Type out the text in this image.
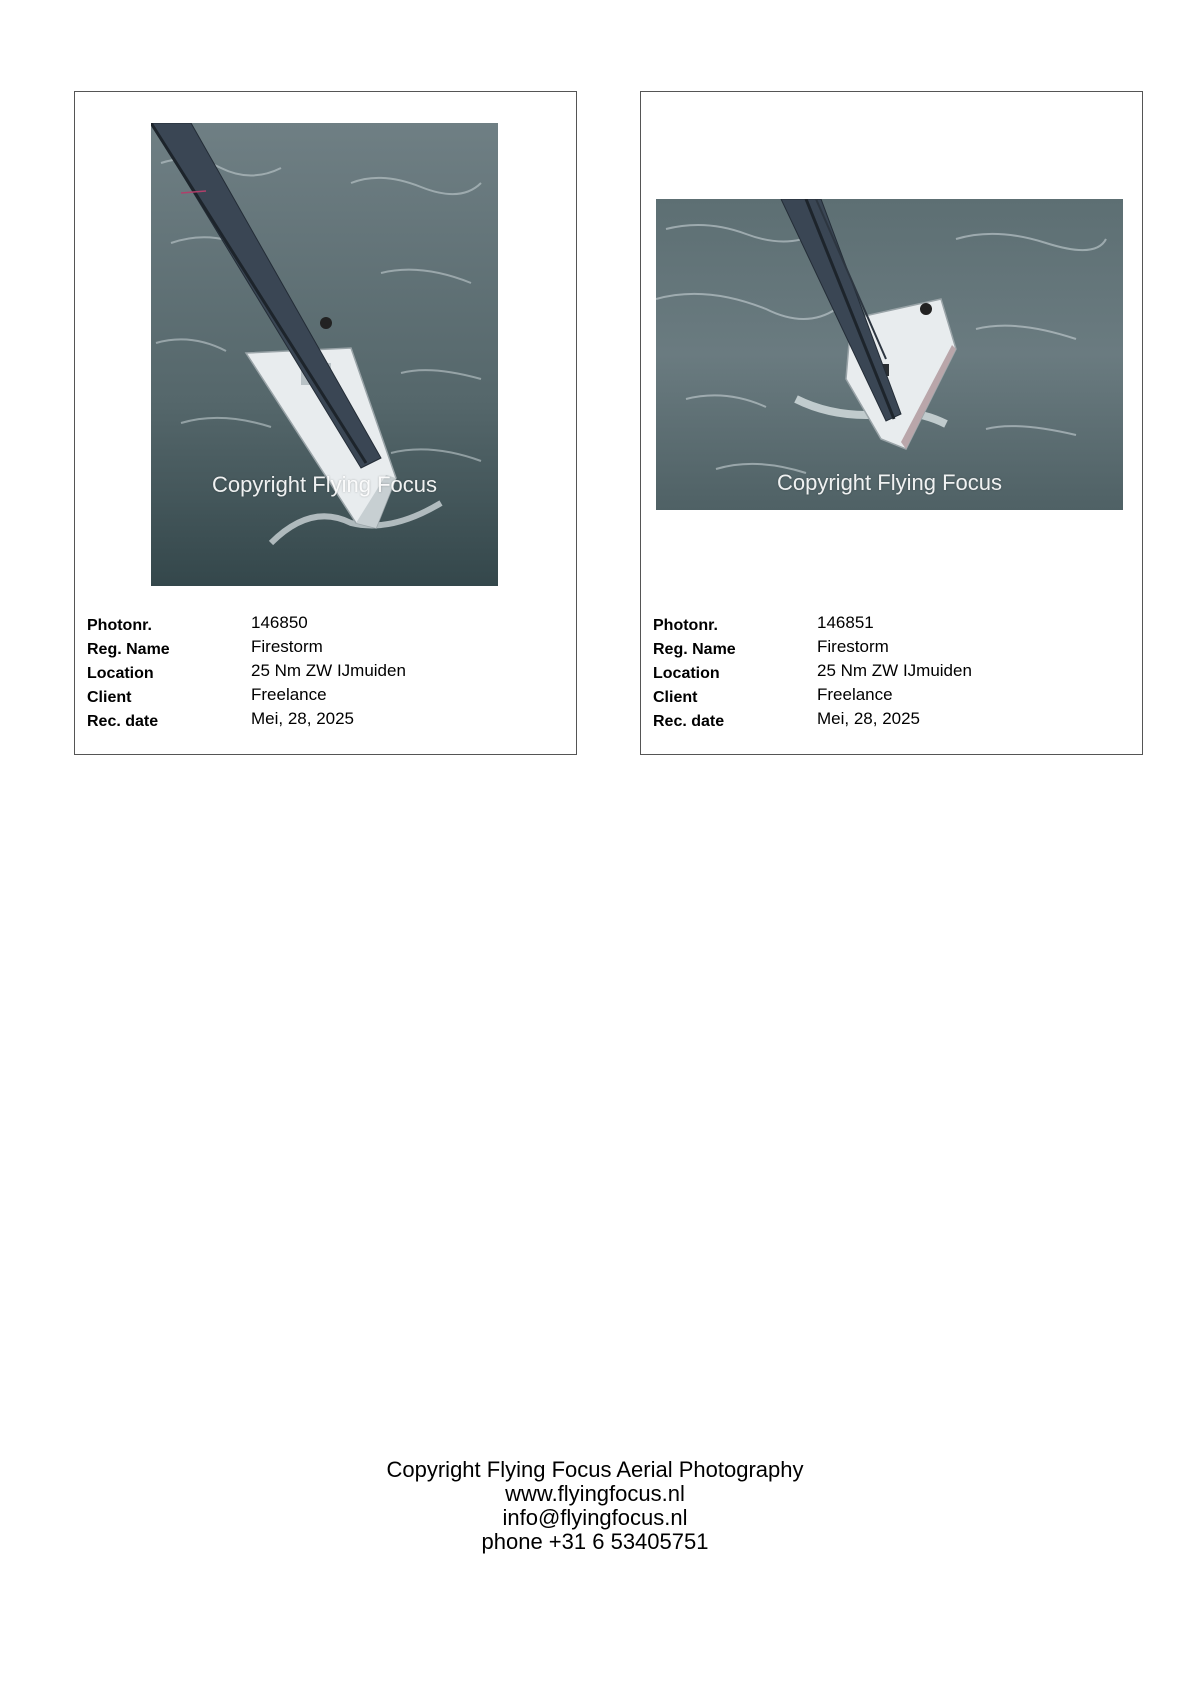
Copyright Flying Focus
Photonr.	146850
Reg. Name	Firestorm
Location	25 Nm ZW IJmuiden
Client	Freelance
Rec. date	Mei, 28, 2025
Copyright Flying Focus
Photonr.	146851
Reg. Name	Firestorm
Location	25 Nm ZW IJmuiden
Client	Freelance
Rec. date	Mei, 28, 2025
Copyright Flying Focus Aerial Photography
www.flyingfocus.nl
info@flyingfocus.nl
phone +31 6 53405751
